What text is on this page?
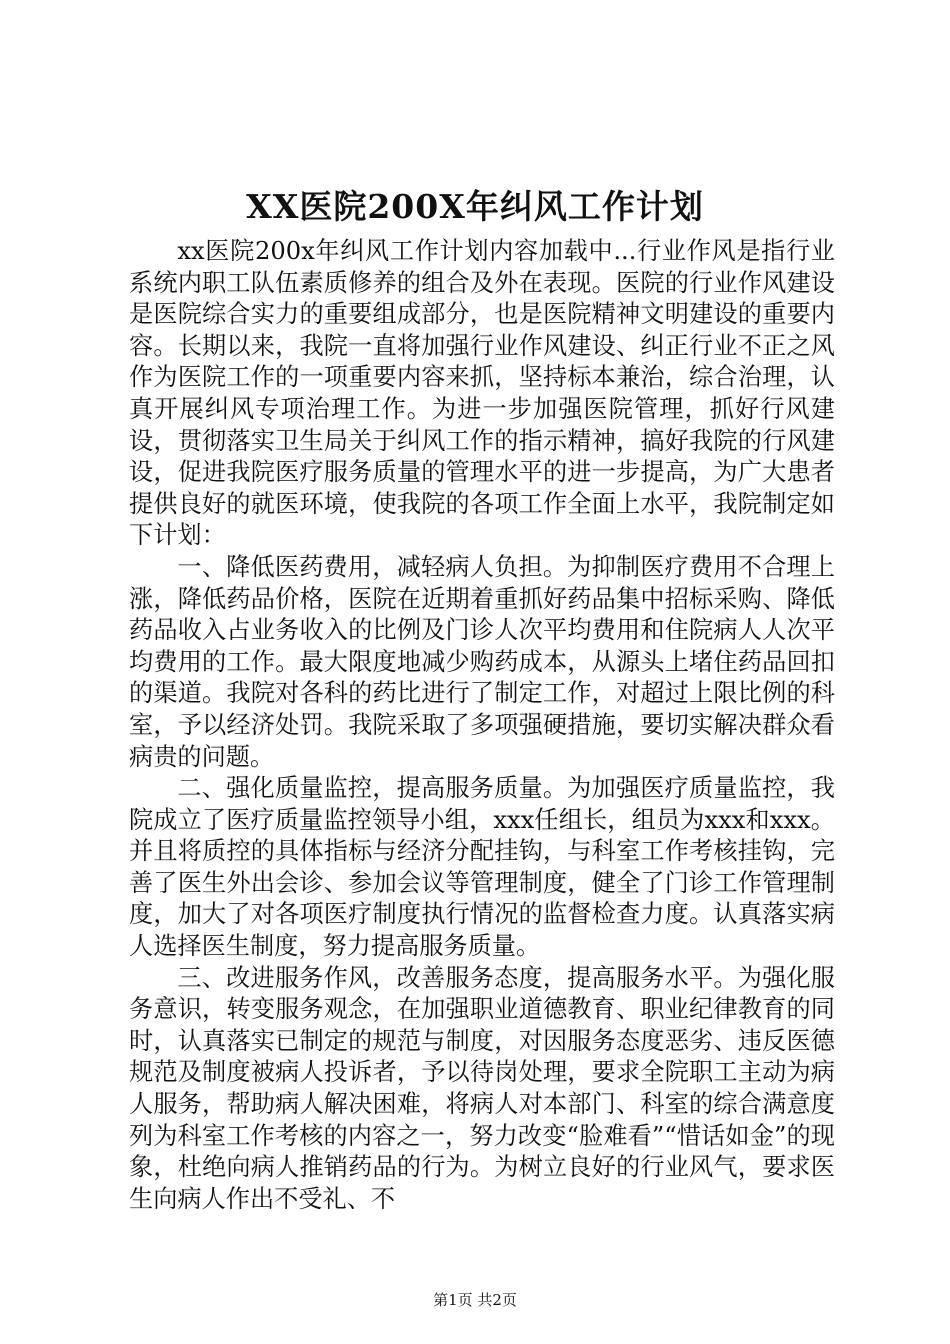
XX医院200X年纠风工作计划

xx医院200x年纠风工作计划内容加载中...行业作风是指行业系统内职工队伍素质修养的组合及外在表现。医院的行业作风建设是医院综合实力的重要组成部分，也是医院精神文明建设的重要内容。长期以来，我院一直将加强行业作风建设、纠正行业不正之风作为医院工作的一项重要内容来抓，坚持标本兼治，综合治理，认真开展纠风专项治理工作。为进一步加强医院管理，抓好行风建设，贯彻落实卫生局关于纠风工作的指示精神，搞好我院的行风建设，促进我院医疗服务质量的管理水平的进一步提高，为广大患者提供良好的就医环境，使我院的各项工作全面上水平，我院制定如下计划：

一、降低医药费用，减轻病人负担。为抑制医疗费用不合理上涨，降低药品价格，医院在近期着重抓好药品集中招标采购、降低药品收入占业务收入的比例及门诊人次平均费用和住院病人人次平均费用的工作。最大限度地减少购药成本，从源头上堵住药品回扣的渠道。我院对各科的药比进行了制定工作，对超过上限比例的科室，予以经济处罚。我院采取了多项强硬措施，要切实解决群众看病贵的问题。

二、强化质量监控，提高服务质量。为加强医疗质量监控，我院成立了医疗质量监控领导小组，xxx任组长，组员为xxx和xxx。并且将质控的具体指标与经济分配挂钩，与科室工作考核挂钩，完善了医生外出会诊、参加会议等管理制度，健全了门诊工作管理制度，加大了对各项医疗制度执行情况的监督检查力度。认真落实病人选择医生制度，努力提高服务质量。

三、改进服务作风，改善服务态度，提高服务水平。为强化服务意识，转变服务观念，在加强职业道德教育、职业纪律教育的同时，认真落实已制定的规范与制度，对因服务态度恶劣、违反医德规范及制度被病人投诉者，予以待岗处理，要求全院职工主动为病人服务，帮助病人解决困难，将病人对本部门、科室的综合满意度列为科室工作考核的内容之一，努力改变“脸难看”“惜话如金”的现象，杜绝向病人推销药品的行为。为树立良好的行业风气，要求医生向病人作出不受礼、不

第1页 共2页
